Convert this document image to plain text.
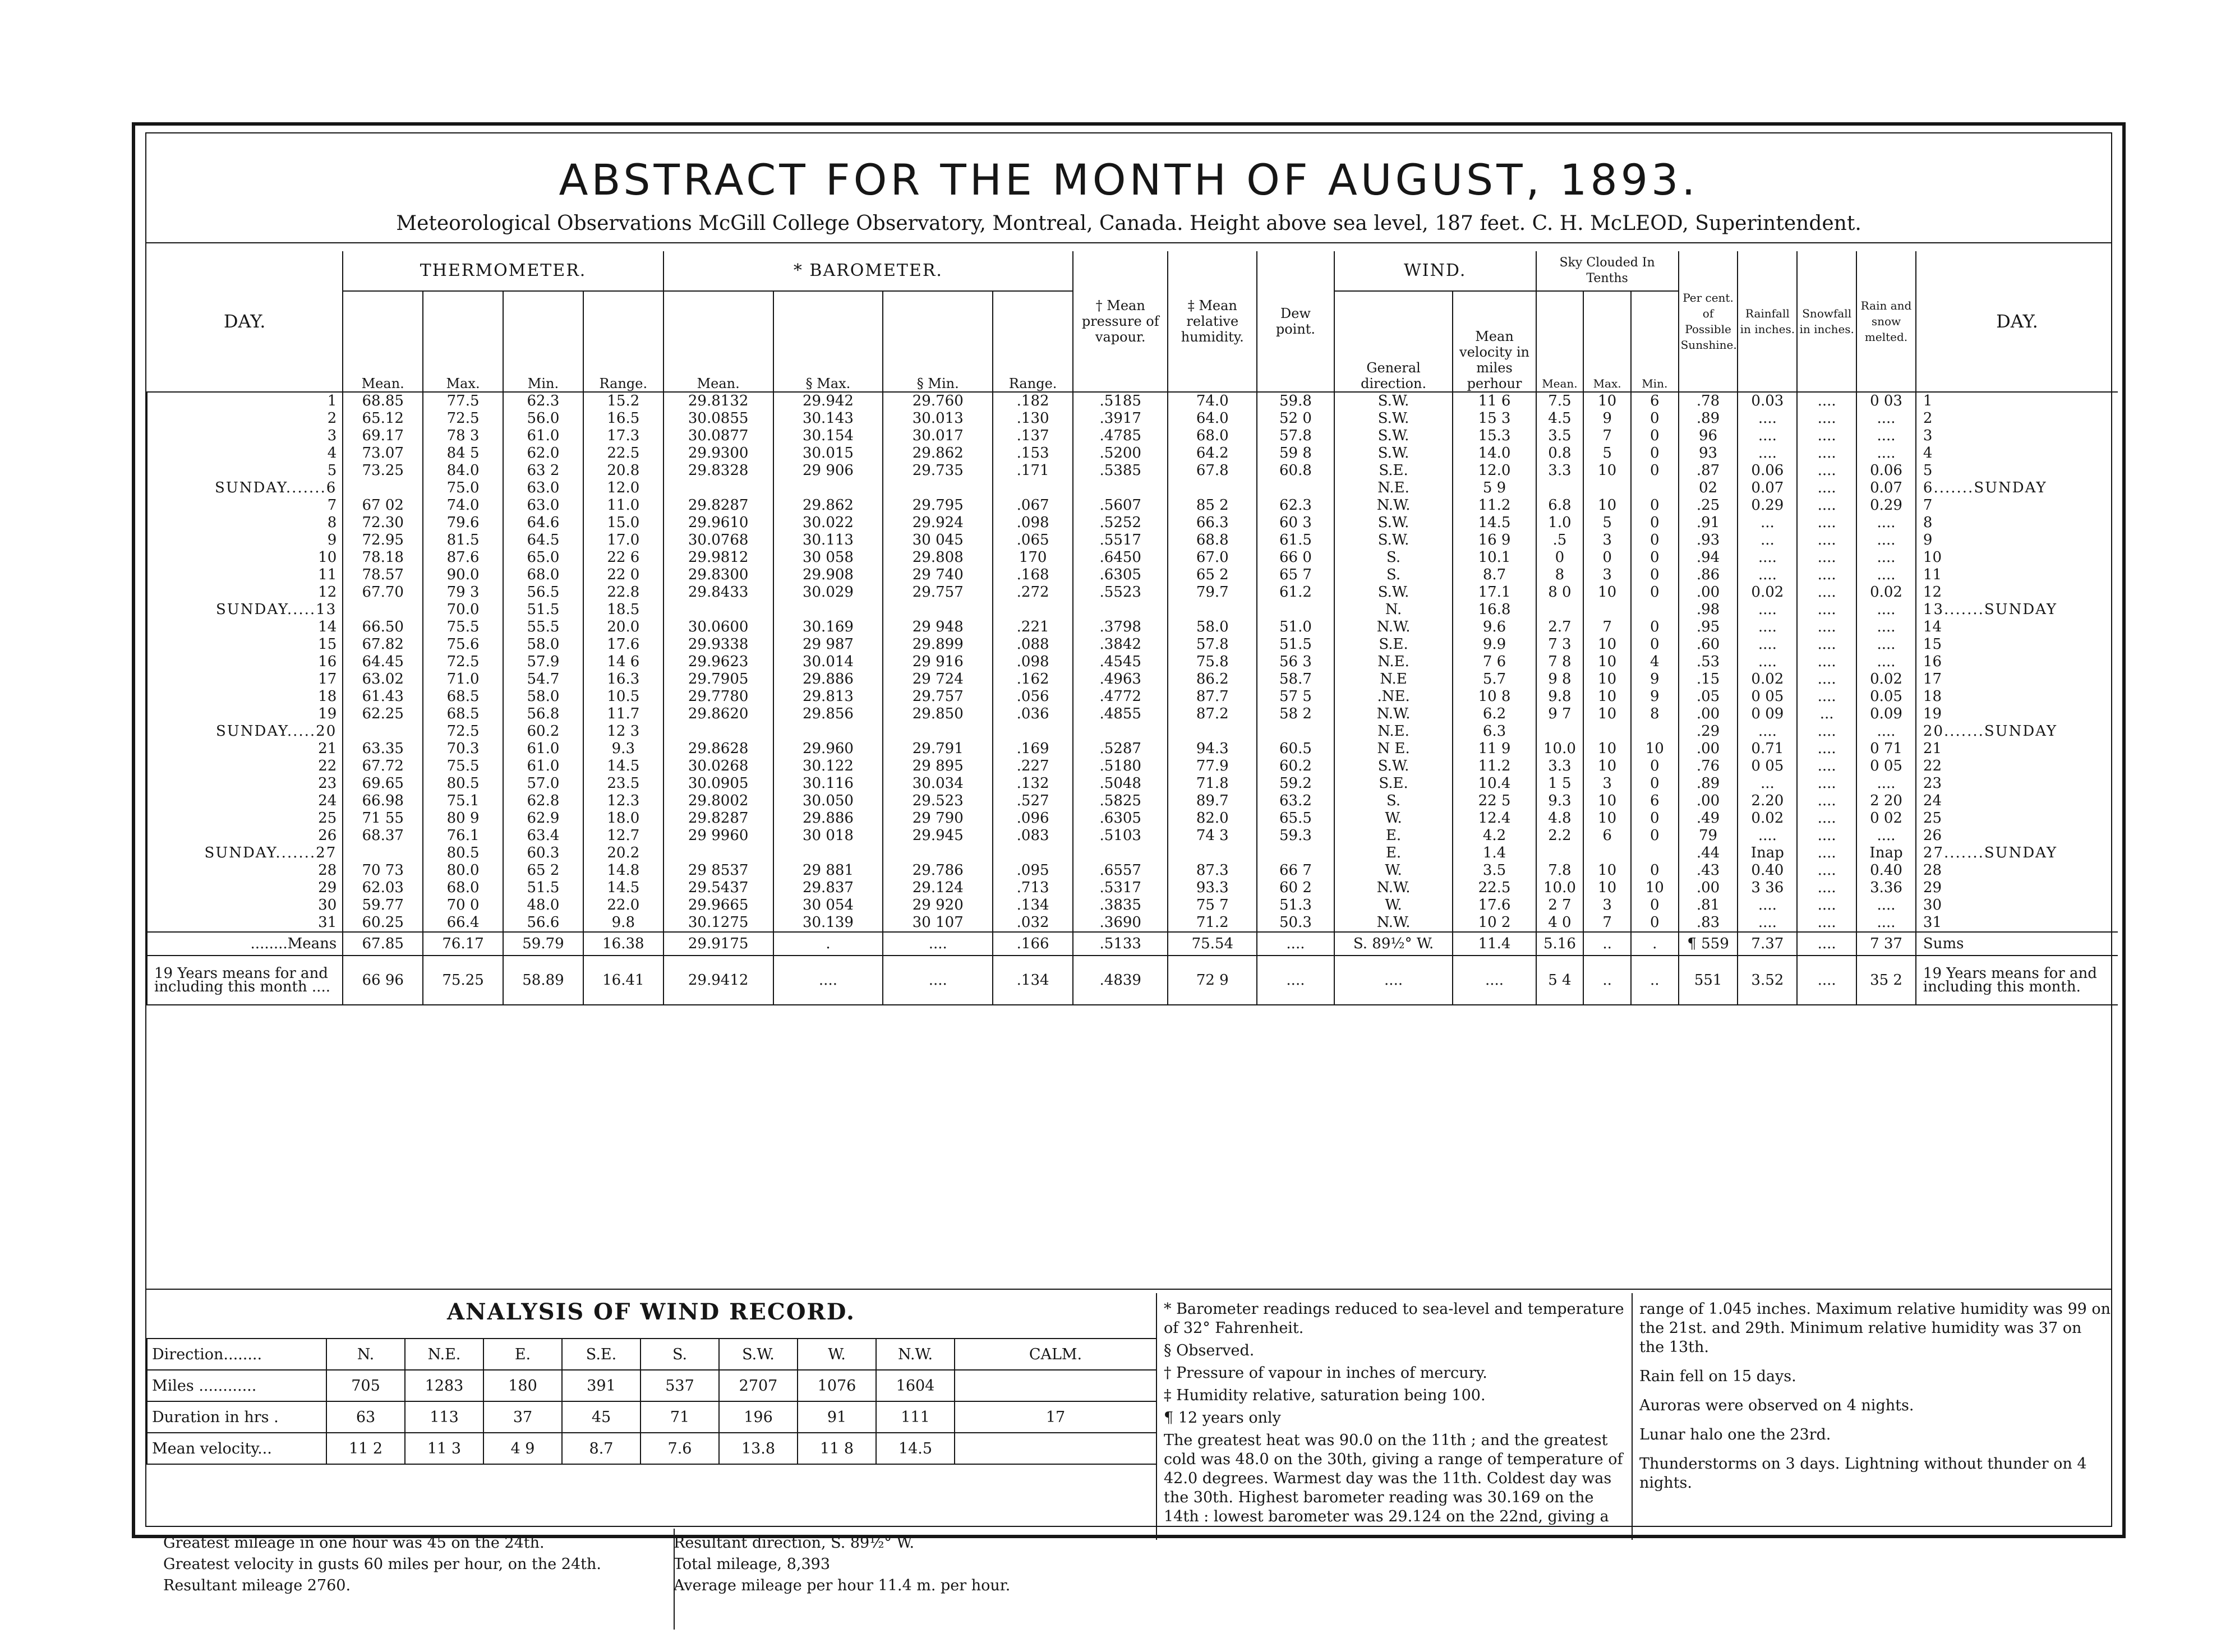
ABSTRACT FOR THE MONTH OF AUGUST, 1893.
Meteorological Observations McGill College Observatory, Montreal, Canada. Height above sea level, 187 feet. C. H. McLEOD, Superintendent.
DAY.	THERMOMETER.				* BAROMETER.				† Mean pressure of vapour.	‡ Mean relative humidity.	Dew point.	WIND.		Sky Clouded In Tenths			Per cent. of Possible Sunshine.	Rainfall in inches.	Snowfall in inches.	Rain and snow melted.	DAY.
	Mean.	Max.	Min.	Range.	Mean.	§ Max.	§ Min.	Range.				General direction.	Mean velocity in miles perhour	Mean.	Max.	Min.					
1	68.85	77.5	62.3	15.2	29.8132	29.942	29.760	.182	.5185	74.0	59.8	S.W.	11 6	7.5	10	6	.78	0.03	....	0 03	1
2	65.12	72.5	56.0	16.5	30.0855	30.143	30.013	.130	.3917	64.0	52 0	S.W.	15 3	4.5	9	0	.89	....	....	....	2
3	69.17	78 3	61.0	17.3	30.0877	30.154	30.017	.137	.4785	68.0	57.8	S.W.	15.3	3.5	7	0	96	....	....	....	3
4	73.07	84 5	62.0	22.5	29.9300	30.015	29.862	.153	.5200	64.2	59 8	S.W.	14.0	0.8	5	0	93	....	....	....	4
5	73.25	84.0	63 2	20.8	29.8328	29 906	29.735	.171	.5385	67.8	60.8	S.E.	12.0	3.3	10	0	.87	0.06	....	0.06	5
SUNDAY.......6		75.0	63.0	12.0								N.E.	5 9				02	0.07	....	0.07	6.......SUNDAY
7	67 02	74.0	63.0	11.0	29.8287	29.862	29.795	.067	.5607	85 2	62.3	N.W.	11.2	6.8	10	0	.25	0.29	....	0.29	7
8	72.30	79.6	64.6	15.0	29.9610	30.022	29.924	.098	.5252	66.3	60 3	S.W.	14.5	1.0	5	0	.91	...	....	....	8
9	72.95	81.5	64.5	17.0	30.0768	30.113	30 045	.065	.5517	68.8	61.5	S.W.	16 9	.5	3	0	.93	...	....	....	9
10	78.18	87.6	65.0	22 6	29.9812	30 058	29.808	170	.6450	67.0	66 0	S.	10.1	0	0	0	.94	....	....	....	10
11	78.57	90.0	68.0	22 0	29.8300	29.908	29 740	.168	.6305	65 2	65 7	S.	8.7	8	3	0	.86	....	....	....	11
12	67.70	79 3	56.5	22.8	29.8433	30.029	29.757	.272	.5523	79.7	61.2	S.W.	17.1	8 0	10	0	.00	0.02	....	0.02	12
SUNDAY.....13		70.0	51.5	18.5								N.	16.8				.98	....	....	....	13.......SUNDAY
14	66.50	75.5	55.5	20.0	30.0600	30.169	29 948	.221	.3798	58.0	51.0	N.W.	9.6	2.7	7	0	.95	....	....	....	14
15	67.82	75.6	58.0	17.6	29.9338	29 987	29.899	.088	.3842	57.8	51.5	S.E.	9.9	7 3	10	0	.60	....	....	....	15
16	64.45	72.5	57.9	14 6	29.9623	30.014	29 916	.098	.4545	75.8	56 3	N.E.	7 6	7 8	10	4	.53	....	....	....	16
17	63.02	71.0	54.7	16.3	29.7905	29.886	29 724	.162	.4963	86.2	58.7	N.E	5.7	9 8	10	9	.15	0.02	....	0.02	17
18	61.43	68.5	58.0	10.5	29.7780	29.813	29.757	.056	.4772	87.7	57 5	.NE.	10 8	9.8	10	9	.05	0 05	....	0.05	18
19	62.25	68.5	56.8	11.7	29.8620	29.856	29.850	.036	.4855	87.2	58 2	N.W.	6.2	9 7	10	8	.00	0 09	...	0.09	19
SUNDAY.....20		72.5	60.2	12 3								N.E.	6.3				.29	....	....	....	20.......SUNDAY
21	63.35	70.3	61.0	9.3	29.8628	29.960	29.791	.169	.5287	94.3	60.5	N E.	11 9	10.0	10	10	.00	0.71	....	0 71	21
22	67.72	75.5	61.0	14.5	30.0268	30.122	29 895	.227	.5180	77.9	60.2	S.W.	11.2	3.3	10	0	.76	0 05	....	0 05	22
23	69.65	80.5	57.0	23.5	30.0905	30.116	30.034	.132	.5048	71.8	59.2	S.E.	10.4	1 5	3	0	.89	...	....	....	23
24	66.98	75.1	62.8	12.3	29.8002	30.050	29.523	.527	.5825	89.7	63.2	S.	22 5	9.3	10	6	.00	2.20	....	2 20	24
25	71 55	80 9	62.9	18.0	29.8287	29.886	29 790	.096	.6305	82.0	65.5	W.	12.4	4.8	10	0	.49	0.02	....	0 02	25
26	68.37	76.1	63.4	12.7	29 9960	30 018	29.945	.083	.5103	74 3	59.3	E.	4.2	2.2	6	0	79	....	....	....	26
SUNDAY.......27		80.5	60.3	20.2								E.	1.4				.44	Inap	....	Inap	27.......SUNDAY
28	70 73	80.0	65 2	14.8	29 8537	29 881	29.786	.095	.6557	87.3	66 7	W.	3.5	7.8	10	0	.43	0.40	....	0.40	28
29	62.03	68.0	51.5	14.5	29.5437	29.837	29.124	.713	.5317	93.3	60 2	N.W.	22.5	10.0	10	10	.00	3 36	....	3.36	29
30	59.77	70 0	48.0	22.0	29.9665	30 054	29 920	.134	.3835	75 7	51.3	W.	17.6	2 7	3	0	.81	....	....	....	30
31	60.25	66.4	56.6	9.8	30.1275	30.139	30 107	.032	.3690	71.2	50.3	N.W.	10 2	4 0	7	0	.83	....	....	....	31
........Means	67.85	76.17	59.79	16.38	29.9175	.	....	.166	.5133	75.54	....	S. 89½° W.	11.4	5.16	..	.	¶ 559	7.37	....	7 37	Sums
19 Years means for and including this month ....	66 96	75.25	58.89	16.41	29.9412	....	....	.134	.4839	72 9	....	....	....	5 4	..	..	551	3.52	....	35 2	19 Years means for and including this month.
ANALYSIS OF WIND RECORD.
Direction........	N.	N.E.	E.	S.E.	S.	S.W.	W.	N.W.	CALM.
Miles ............	705	1283	180	391	537	2707	1076	1604	
Duration in hrs .	63	113	37	45	71	196	91	111	17
Mean velocity...	11 2	11 3	4 9	8.7	7.6	13.8	11 8	14.5	

Greatest mileage in one hour was 45 on the 24th.

Greatest velocity in gusts 60 miles per hour, on the 24th.

Resultant mileage 2760.

Resultant direction, S. 89½° W.

Total mileage, 8,393

Average mileage per hour 11.4 m. per hour.

* Barometer readings reduced to sea-level and temperature of 32° Fahrenheit.

§ Observed.

† Pressure of vapour in inches of mercury.

‡ Humidity relative, saturation being 100.

¶ 12 years only

The greatest heat was 90.0 on the 11th ; and the greatest cold was 48.0 on the 30th, giving a range of temperature of 42.0 degrees. Warmest day was the 11th. Coldest day was the 30th. Highest barometer reading was 30.169 on the 14th : lowest barometer was 29.124 on the 22nd, giving a

range of 1.045 inches. Maximum relative humidity was 99 on the 21st. and 29th. Minimum relative humidity was 37 on the 13th.

Rain fell on 15 days.

Auroras were observed on 4 nights.

Lunar halo one the 23rd.

Thunderstorms on 3 days. Lightning without thunder on 4 nights.
